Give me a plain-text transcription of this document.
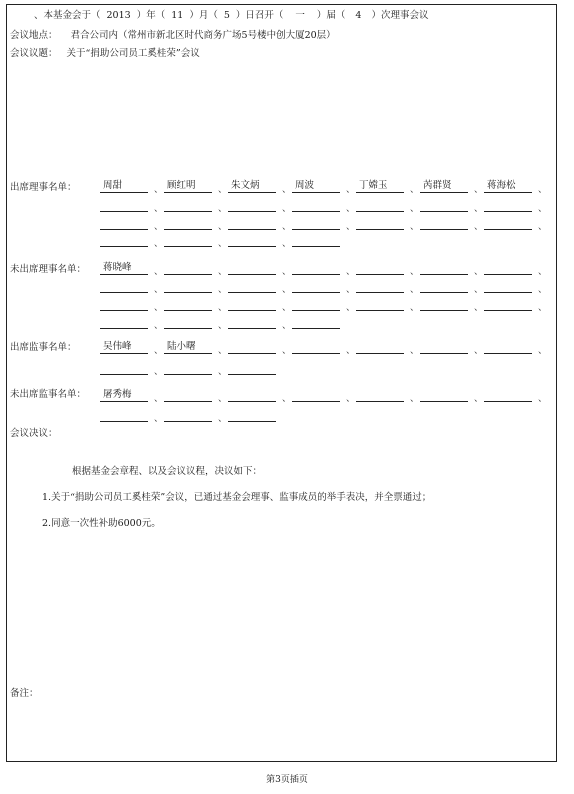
、本基金会于（ 2013 ）年（ 11 ）月（ 5 ）日召开（ 一 ）届（ 4 ）次理事会议
会议地点： 君合公司内（常州市新北区时代商务广场5号楼中创大厦20层）
会议议题： 关于“捐助公司员工奚桂荣”会议
出席理事名单：	周甜	、 顾红明 、 朱文炳 、 周波	、 丁嫦玉 、 芮群贤 、 蒋海松 、
、	、	、	、	、	、	、
、	、	、	、	、	、	、
、	、	、
未出席理事名单： 蒋晓峰 、	、	、	、	、	、	、
、	、	、	、	、	、	、
、	、	、	、	、	、	、
、	、	、
出席监事名单：	吴伟峰 、 陆小曙 、	、	、	、	、	、
、	、
未出席监事名单： 屠秀梅 、	、	、	、	、	、	、
、	、
会议决议：
根据基金会章程、以及会议议程，决议如下：
1.关于“捐助公司员工奚桂荣”会议，已通过基金会理事、监事成员的举手表决，并全票通过；
2.同意一次性补助6000元。
备注：
第3页插页
